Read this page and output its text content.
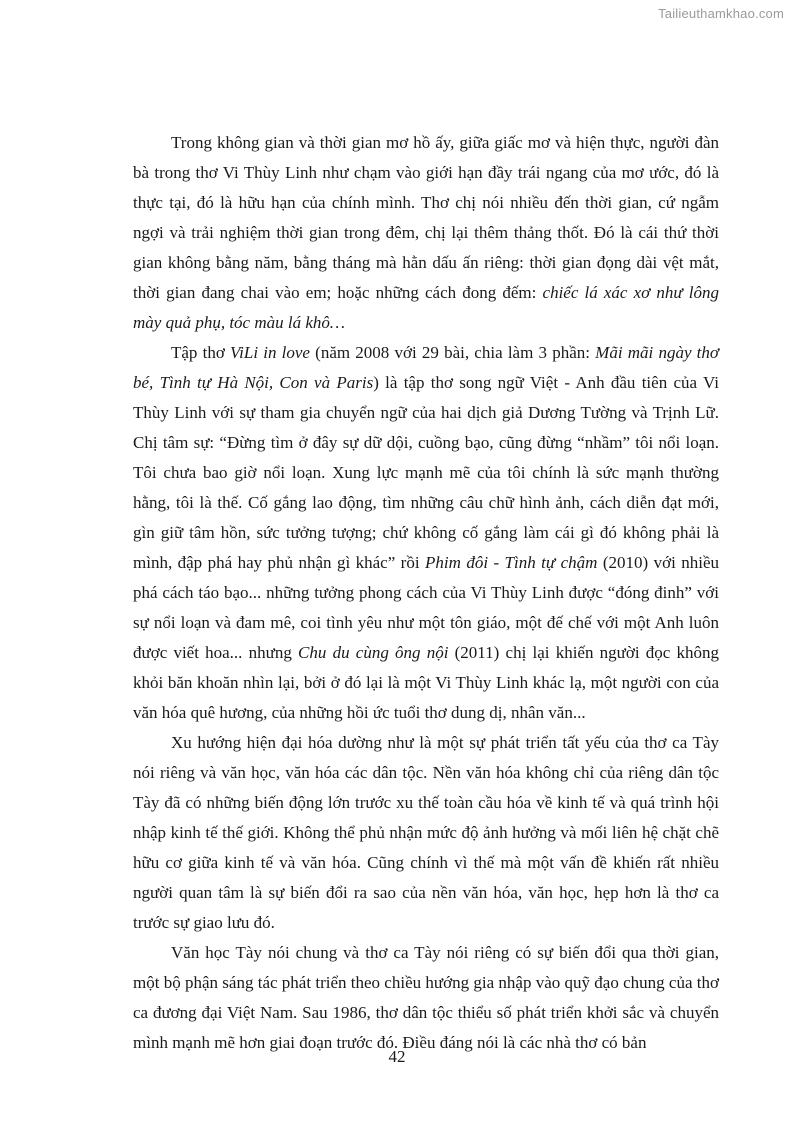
Tailieuthamkhao.com

Trong không gian và thời gian mơ hồ ấy, giữa giấc mơ và hiện thực, người đàn bà trong thơ Vi Thùy Linh như chạm vào giới hạn đầy trái ngang của mơ ước, đó là thực tại, đó là hữu hạn của chính mình. Thơ chị nói nhiều đến thời gian, cứ ngẫm ngợi và trải nghiệm thời gian trong đêm, chị lại thêm thảng thốt. Đó là cái thứ thời gian không bằng năm, bằng tháng mà hằn dấu ấn riêng: thời gian đọng dài vệt mắt, thời gian đang chai vào em; hoặc những cách đong đếm: chiếc lá xác xơ như lông mày quả phụ, tóc màu lá khô…

Tập thơ ViLi in love (năm 2008 với 29 bài, chia làm 3 phần: Mãi mãi ngày thơ bé, Tình tự Hà Nội, Con và Paris) là tập thơ song ngữ Việt - Anh đầu tiên của Vi Thùy Linh với sự tham gia chuyển ngữ của hai dịch giả Dương Tường và Trịnh Lữ. Chị tâm sự: “Đừng tìm ở đây sự dữ dội, cuồng bạo, cũng đừng “nhầm” tôi nổi loạn. Tôi chưa bao giờ nổi loạn. Xung lực mạnh mẽ của tôi chính là sức mạnh thường hằng, tôi là thế. Cố gắng lao động, tìm những câu chữ hình ảnh, cách diễn đạt mới, gìn giữ tâm hồn, sức tưởng tượng; chứ không cố gắng làm cái gì đó không phải là mình, đập phá hay phủ nhận gì khác” rồi Phim đôi - Tình tự chậm (2010) với nhiều phá cách táo bạo... những tưởng phong cách của Vi Thùy Linh được “đóng đinh” với sự nổi loạn và đam mê, coi tình yêu như một tôn giáo, một đế chế với một Anh luôn được viết hoa... nhưng Chu du cùng ông nội (2011) chị lại khiến người đọc không khỏi băn khoăn nhìn lại, bởi ở đó lại là một Vi Thùy Linh khác lạ, một người con của văn hóa quê hương, của những hồi ức tuổi thơ dung dị, nhân văn...

Xu hướng hiện đại hóa dường như là một sự phát triển tất yếu của thơ ca Tày nói riêng và văn học, văn hóa các dân tộc. Nền văn hóa không chỉ của riêng dân tộc Tày đã có những biến động lớn trước xu thế toàn cầu hóa về kinh tế và quá trình hội nhập kinh tế thế giới. Không thể phủ nhận mức độ ảnh hưởng và mối liên hệ chặt chẽ hữu cơ giữa kinh tế và văn hóa. Cũng chính vì thế mà một vấn đề khiến rất nhiều người quan tâm là sự biến đổi ra sao của nền văn hóa, văn học, hẹp hơn là thơ ca trước sự giao lưu đó.

Văn học Tày nói chung và thơ ca Tày nói riêng có sự biến đổi qua thời gian, một bộ phận sáng tác phát triển theo chiều hướng gia nhập vào quỹ đạo chung của thơ ca đương đại Việt Nam. Sau 1986, thơ dân tộc thiểu số phát triển khởi sắc và chuyển mình mạnh mẽ hơn giai đoạn trước đó. Điều đáng nói là các nhà thơ có bản

42
